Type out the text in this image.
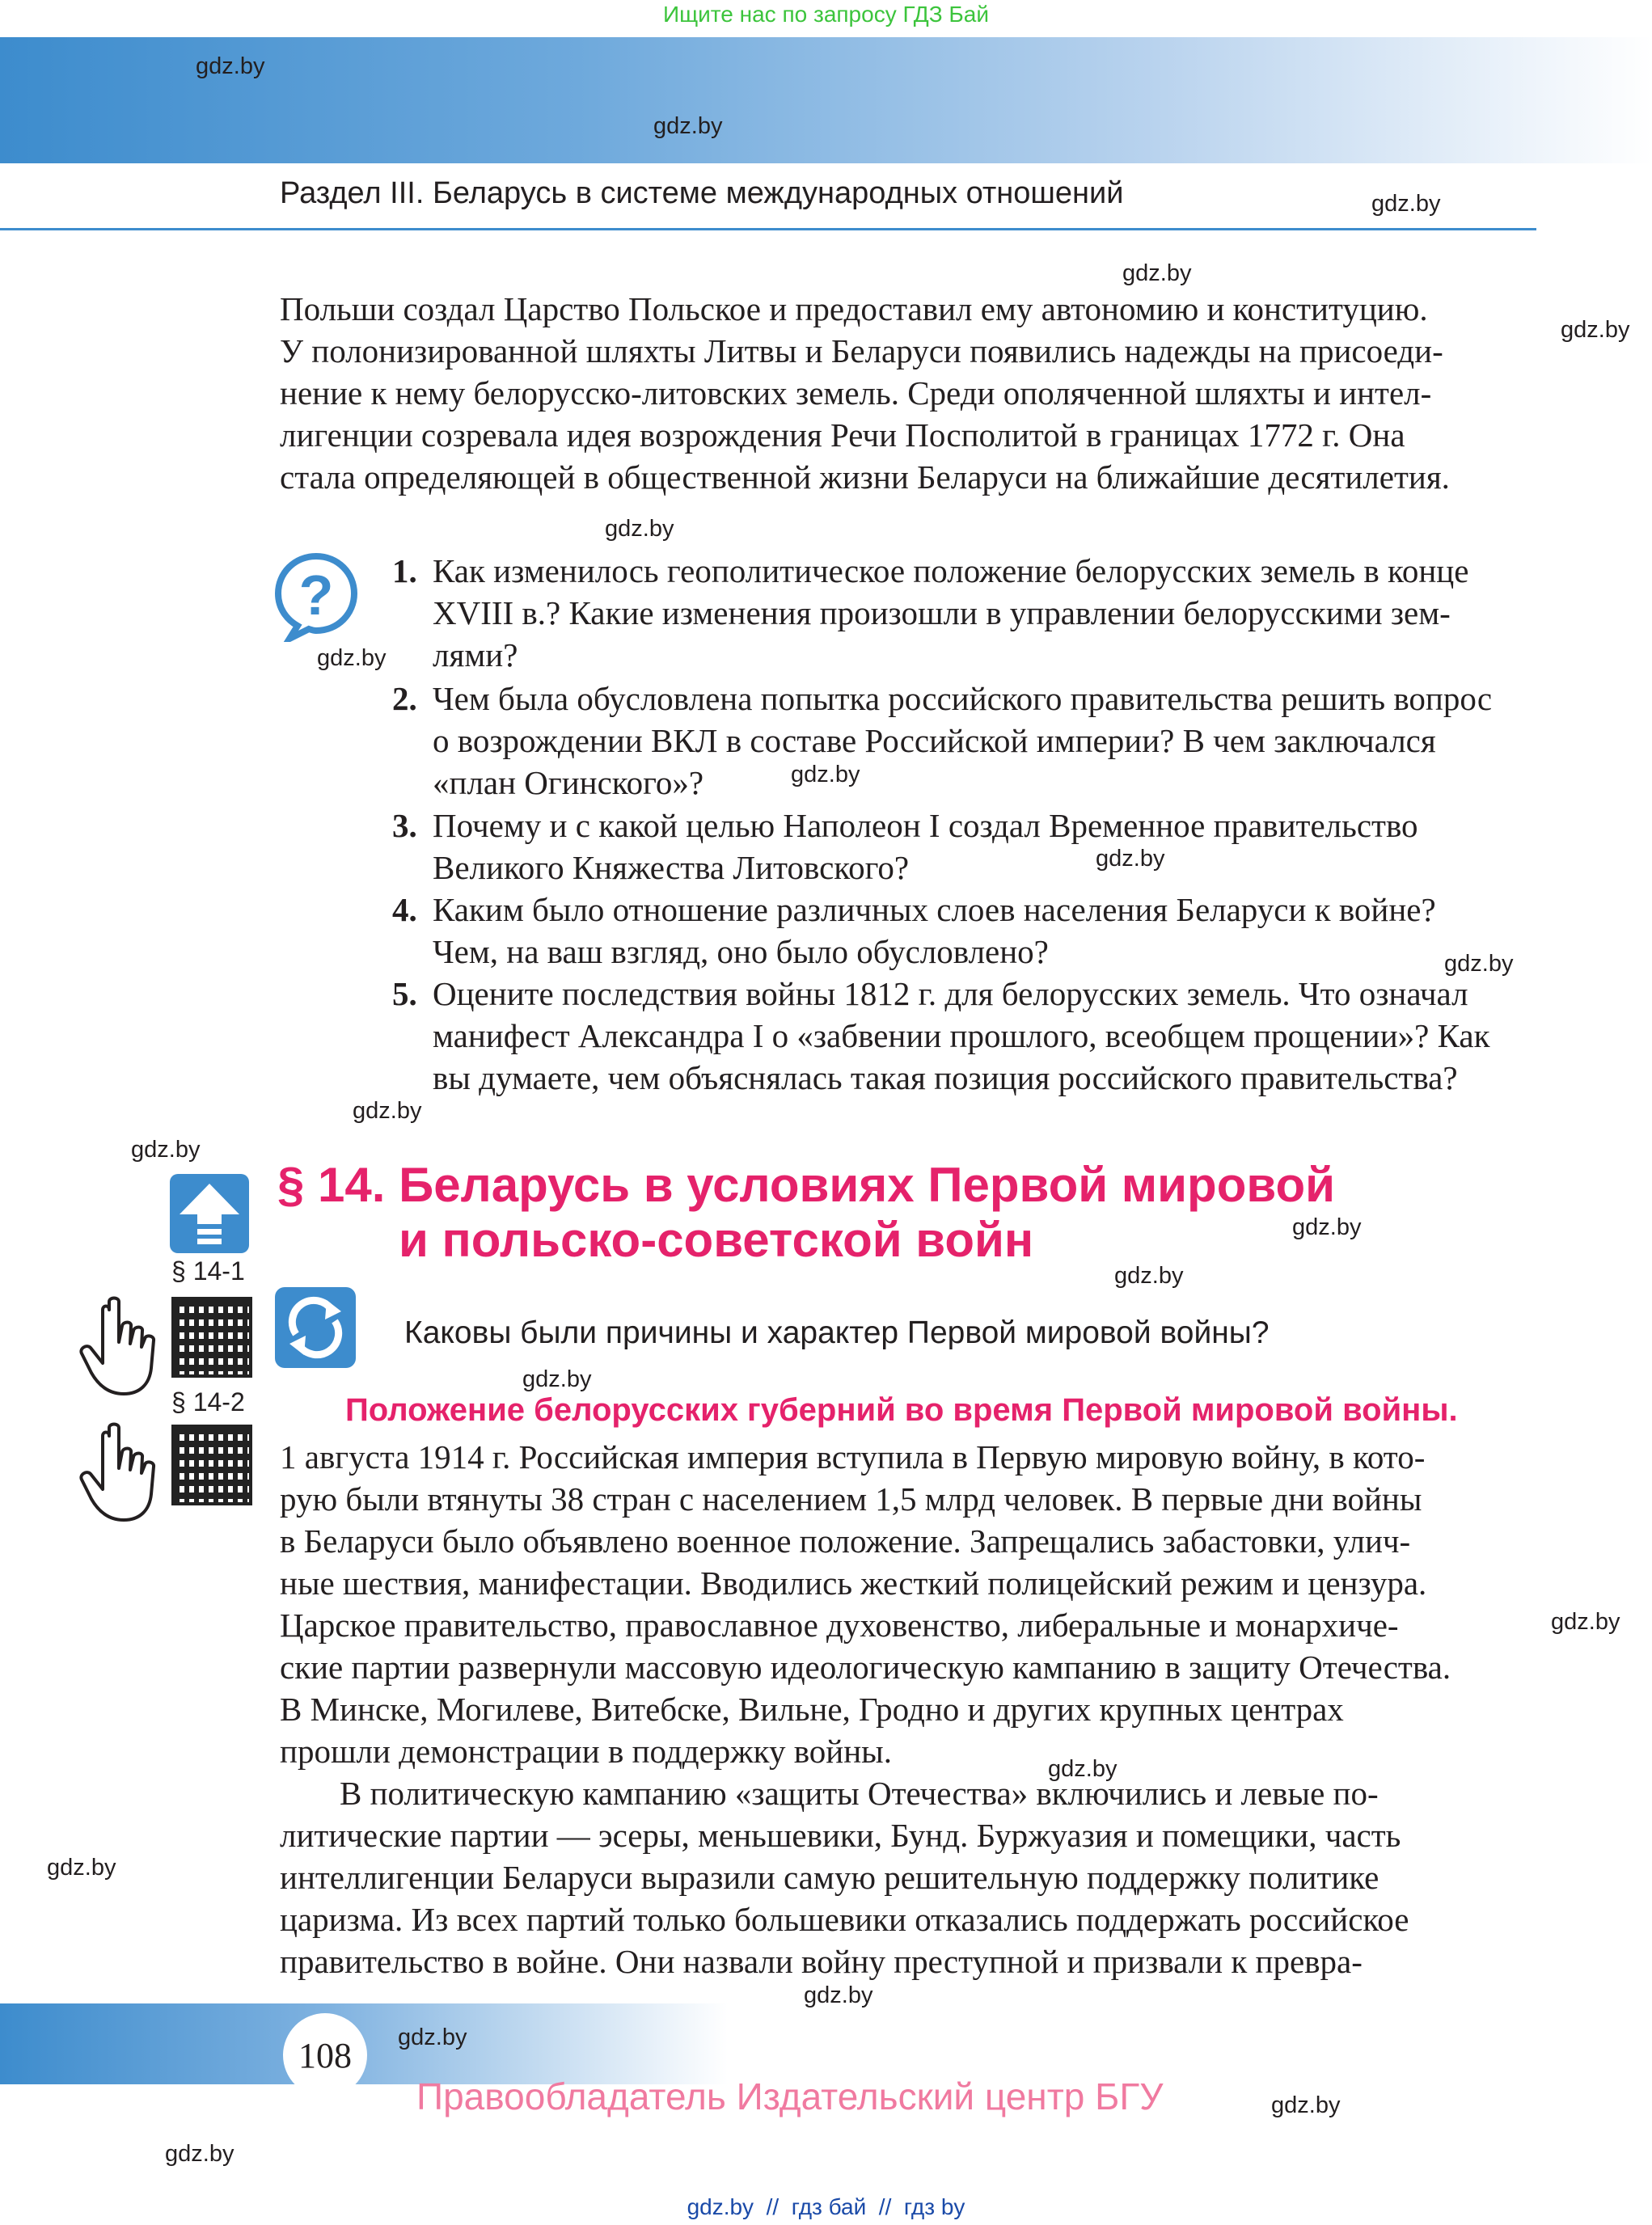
Ищите нас по запросу ГДЗ Бай
Раздел III. Беларусь в системе международных отношений
Польши создал Царство Польское и предоставил ему автономию и конституцию.
У полонизированной шляхты Литвы и Беларуси появились надежды на присоеди-
нение к нему белорусско-литовских земель. Среди ополяченной шляхты и интел-
лигенции созревала идея возрождения Речи Посполитой в границах 1772 г. Она
стала определяющей в общественной жизни Беларуси на ближайшие десятилетия.
? 1. Как изменилось геополитическое положение белорусских земель в конце
XVIII в.? Какие изменения произошли в управлении белорусскими зем-
лями?
2. Чем была обусловлена попытка российского правительства решить вопрос
о возрождении ВКЛ в составе Российской империи? В чем заключался
«план Огинского»?
3. Почему и с какой целью Наполеон I создал Временное правительство
Великого Княжества Литовского?
4. Каким было отношение различных слоев населения Беларуси к войне?
Чем, на ваш взгляд, оно было обусловлено?
5. Оцените последствия войны 1812 г. для белорусских земель. Что означал
манифест Александра I о «забвении прошлого, всеобщем прощении»? Как
вы думаете, чем объяснялась такая позиция российского правительства?
§ 14. Беларусь в условиях Первой мировой
и польско-советской войн
§ 14-1
§ 14-2
Каковы были причины и характер Первой мировой войны?
Положение белорусских губерний во время Первой мировой войны.
1 августа 1914 г. Российская империя вступила в Первую мировую войну, в кото-
рую были втянуты 38 стран с населением 1,5 млрд человек. В первые дни войны
в Беларуси было объявлено военное положение. Запрещались забастовки, улич-
ные шествия, манифестации. Вводились жесткий полицейский режим и цензура.
Царское правительство, православное духовенство, либеральные и монархиче-
ские партии развернули массовую идеологическую кампанию в защиту Отечества.
В Минске, Могилеве, Витебске, Вильне, Гродно и других крупных центрах
прошли демонстрации в поддержку войны.
В политическую кампанию «защиты Отечества» включились и левые по-
литические партии — эсеры, меньшевики, Бунд. Буржуазия и помещики, часть
интеллигенции Беларуси выразили самую решительную поддержку политике
царизма. Из всех партий только большевики отказались поддержать российское
правительство в войне. Они назвали войну преступной и призвали к превра-
108
Правообладатель Издательский центр БГУ
gdz.by  //  гдз бай  //  гдз by
gdz.by
gdz.by
gdz.by
gdz.by
gdz.by
gdz.by
gdz.by
gdz.by
gdz.by
gdz.by
gdz.by
gdz.by
gdz.by
gdz.by
gdz.by
gdz.by
gdz.by
gdz.by
gdz.by
gdz.by
gdz.by
gdz.by
